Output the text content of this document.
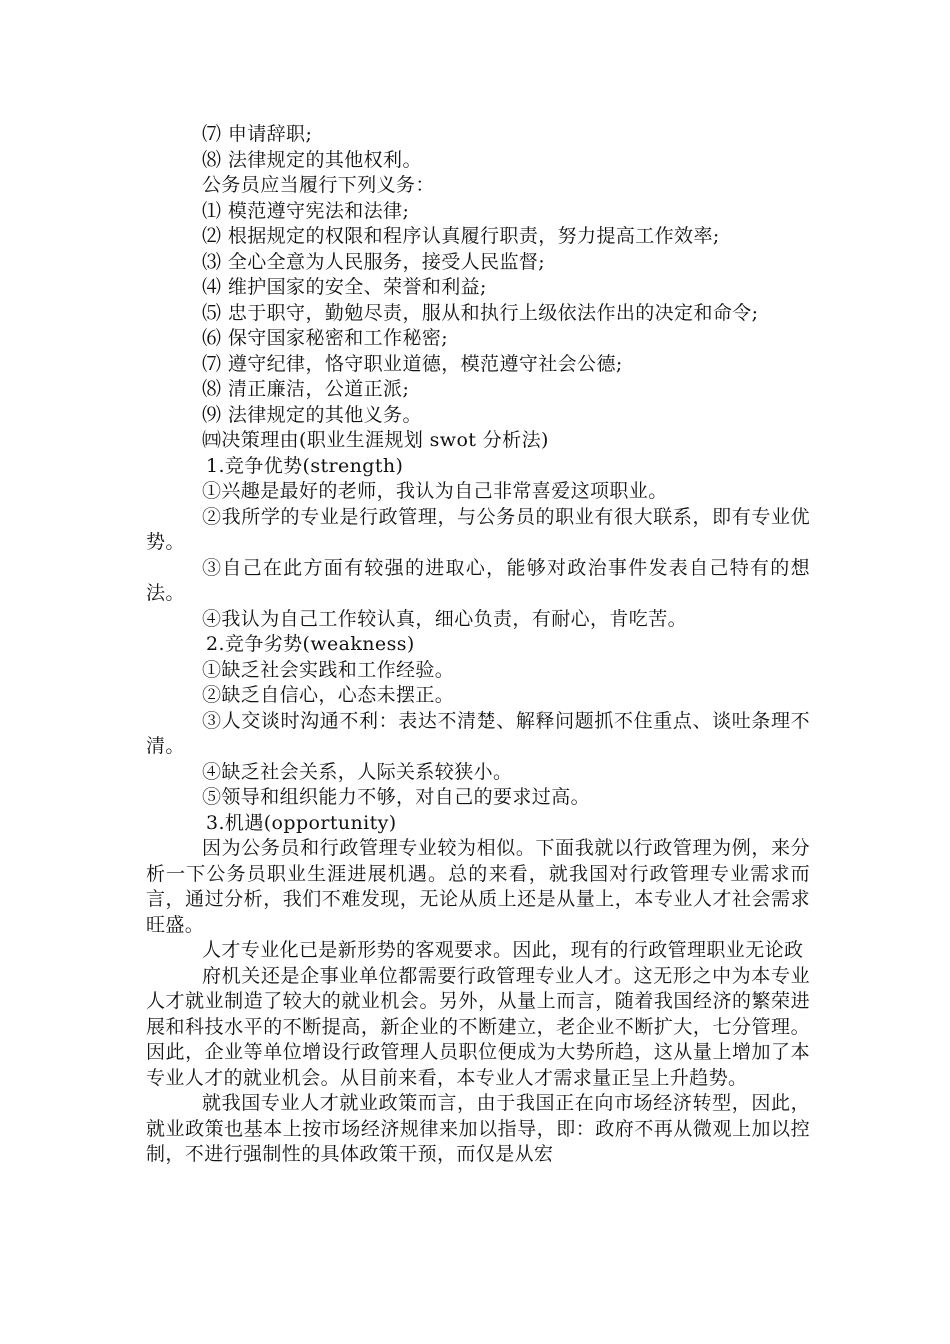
⑺ 申请辞职;

⑻ 法律规定的其他权利。

公务员应当履行下列义务：

⑴ 模范遵守宪法和法律;

⑵ 根据规定的权限和程序认真履行职责，努力提高工作效率;

⑶ 全心全意为人民服务，接受人民监督;

⑷ 维护国家的安全、荣誉和利益;

⑸ 忠于职守，勤勉尽责，服从和执行上级依法作出的决定和命令;

⑹ 保守国家秘密和工作秘密;

⑺ 遵守纪律，恪守职业道德，模范遵守社会公德;

⑻ 清正廉洁，公道正派;

⑼ 法律规定的其他义务。

㈣决策理由(职业生涯规划 swot 分析法)

1.竞争优势(strength)

①兴趣是最好的老师，我认为自己非常喜爱这项职业。

②我所学的专业是行政管理，与公务员的职业有很大联系，即有专业优势。

③自己在此方面有较强的进取心，能够对政治事件发表自己特有的想法。

④我认为自己工作较认真，细心负责，有耐心，肯吃苦。

2.竞争劣势(weakness)

①缺乏社会实践和工作经验。

②缺乏自信心，心态未摆正。

③人交谈时沟通不利：表达不清楚、解释问题抓不住重点、谈吐条理不清。

④缺乏社会关系，人际关系较狭小。

⑤领导和组织能力不够，对自己的要求过高。

3.机遇(opportunity)

因为公务员和行政管理专业较为相似。下面我就以行政管理为例，来分析一下公务员职业生涯进展机遇。总的来看，就我国对行政管理专业需求而言，通过分析，我们不难发现，无论从质上还是从量上，本专业人才社会需求旺盛。

人才专业化已是新形势的客观要求。因此，现有的行政管理职业无论政

府机关还是企事业单位都需要行政管理专业人才。这无形之中为本专业人才就业制造了较大的就业机会。另外，从量上而言，随着我国经济的繁荣进展和科技水平的不断提高，新企业的不断建立，老企业不断扩大，七分管理。因此，企业等单位增设行政管理人员职位便成为大势所趋，这从量上增加了本专业人才的就业机会。从目前来看，本专业人才需求量正呈上升趋势。

就我国专业人才就业政策而言，由于我国正在向市场经济转型，因此，就业政策也基本上按市场经济规律来加以指导，即：政府不再从微观上加以控制，不进行强制性的具体政策干预，而仅是从宏
